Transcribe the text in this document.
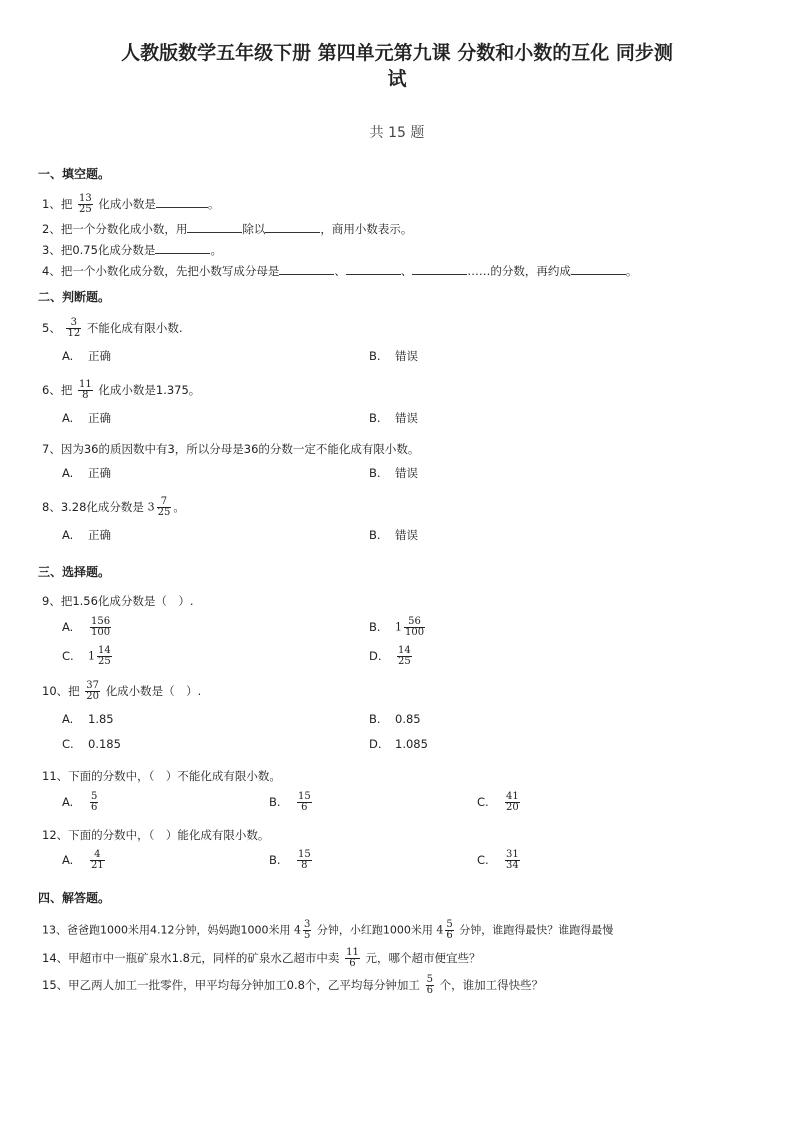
人教版数学五年级下册 第四单元第九课 分数和小数的互化 同步测
试
共 15 题
一、填空题。
1、把 $\frac{13}{25}$ 化成小数是	。
2、把一个分数化成小数，用	除以	，商用小数表示。
3、把0.75化成分数是	。
4、把一个小数化成分数，先把小数写成分母是	、	、	……的分数，再约成	。
二、判断题。
5、 $\frac{3}{12}$ 不能化成有限小数.
A. 正确	B. 错误
6、把 $\frac{11}{8}$ 化成小数是1.375。
A. 正确	B. 错误
7、因为36的质因数中有3，所以分母是36的分数一定不能化成有限小数。
A. 正确	B. 错误
8、3.28化成分数是 $3 \frac{7}{25}$ 。
A. 正确	B. 错误
三、选择题。
9、把1.56化成分数是（　）.
A. $\frac{156}{100}$	B. $1 \frac{56}{100}$
C. $1 \frac{14}{25}$	D. $\frac{14}{25}$
10、把 $\frac{37}{20}$ 化成小数是（　）.
A. 1.85	B. 0.85
C. 0.185	D. 1.085
11、下面的分数中，（　）不能化成有限小数。
A. $\frac{5}{6}$	B. $\frac{15}{6}$	C. $\frac{41}{20}$
12、下面的分数中，（　）能化成有限小数。
A. $\frac{4}{21}$	B. $\frac{15}{8}$	C. $\frac{31}{34}$
四、解答题。
13、爸爸跑1000米用4.12分钟，妈妈跑1000米用 $4 \frac{3}{5}$ 分钟，小红跑1000米用 $4 \frac{5}{6}$ 分钟，谁跑得最快？谁跑得最慢
14、甲超市中一瓶矿泉水1.8元，同样的矿泉水乙超市中卖 $\frac{11}{6}$ 元，哪个超市便宜些？
15、甲乙两人加工一批零件，甲平均每分钟加工0.8个，乙平均每分钟加工 $\frac{5}{6}$ 个，谁加工得快些？
